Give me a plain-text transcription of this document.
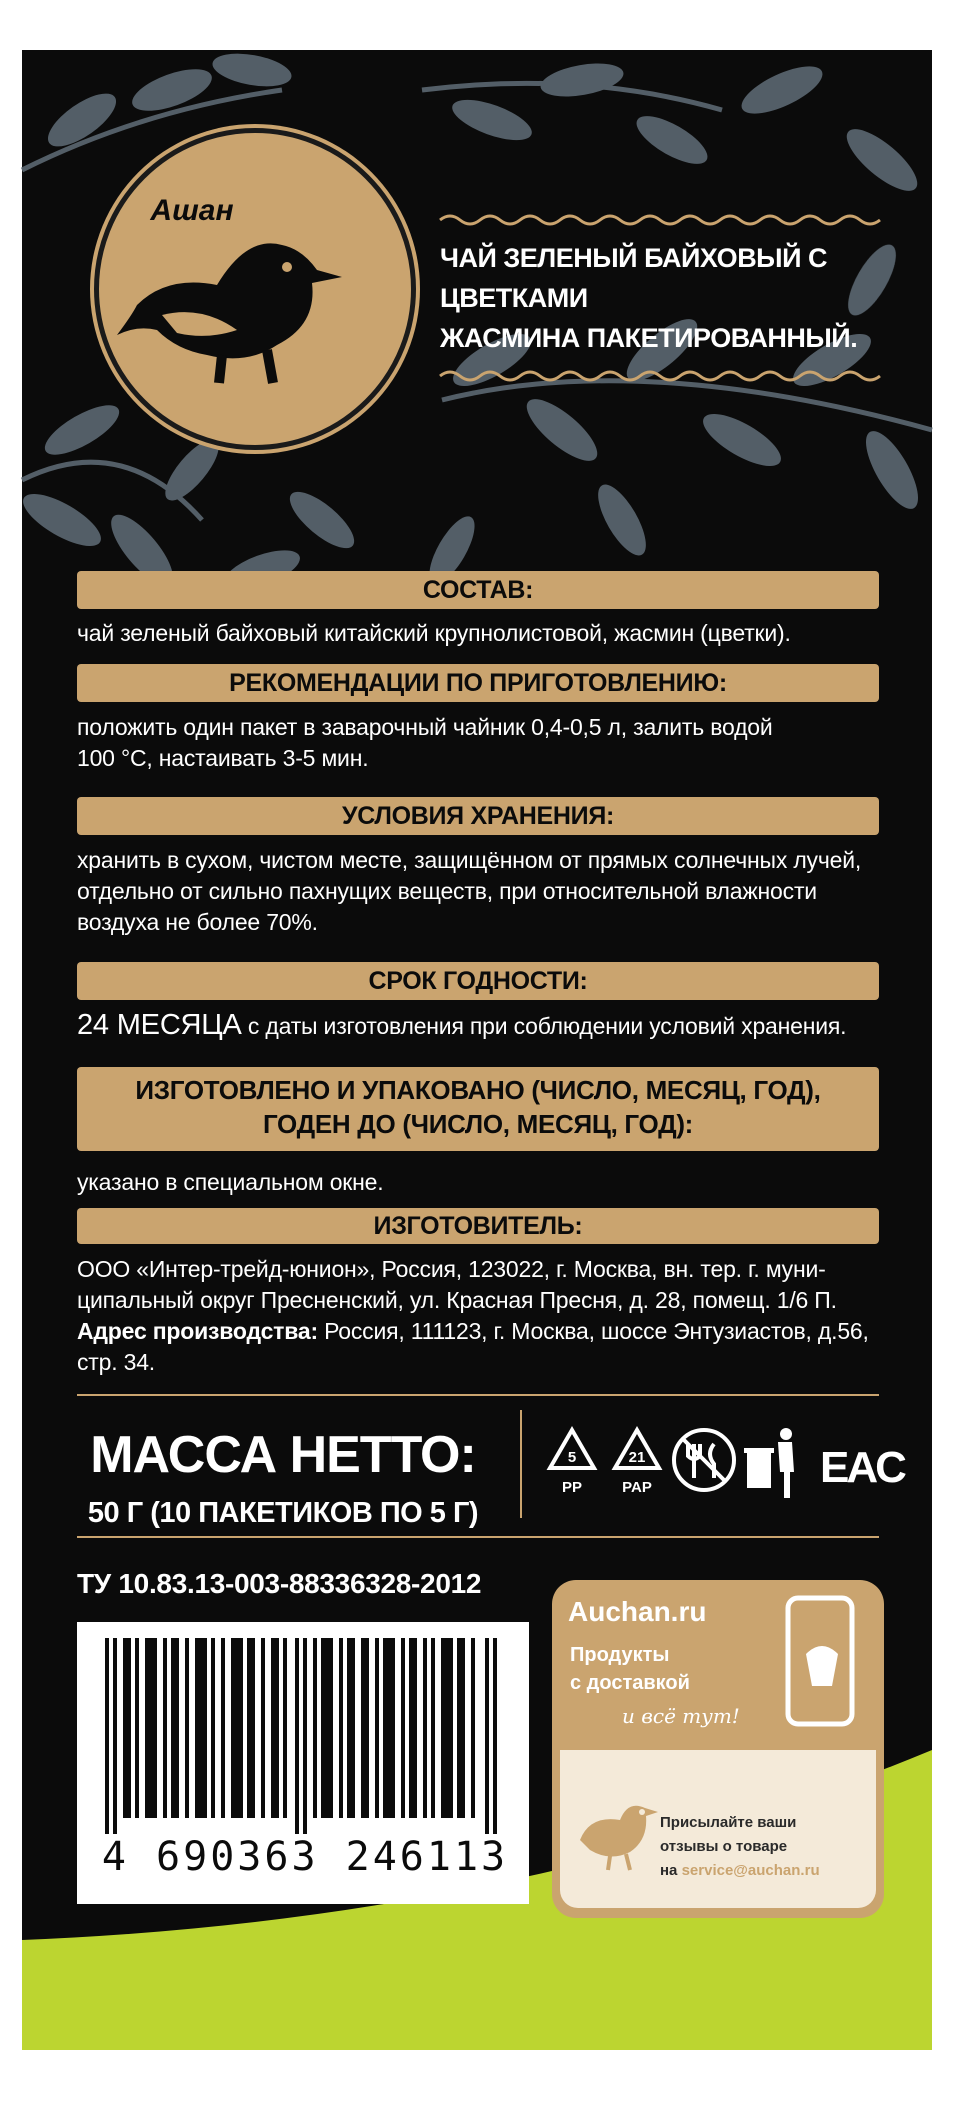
Ашан
ЧАЙ ЗЕЛЕНЫЙ БАЙХОВЫЙ С ЦВЕТКАМИ
ЖАСМИНА ПАКЕТИРОВАННЫЙ.
СОСТАВ:
чай зеленый байховый китайский крупнолистовой, жасмин (цветки).
РЕКОМЕНДАЦИИ ПО ПРИГОТОВЛЕНИЮ:
положить один пакет в заварочный чайник 0,4-0,5 л, залить водой
100 °С, настаивать 3-5 мин.
УСЛОВИЯ ХРАНЕНИЯ:
хранить в сухом, чистом месте, защищённом от прямых солнечных лучей,
отдельно от сильно пахнущих веществ, при относительной влажности
воздуха не более 70%.
СРОК ГОДНОСТИ:
24 МЕСЯЦА с даты изготовления при соблюдении условий хранения.
ИЗГОТОВЛЕНО И УПАКОВАНО (ЧИСЛО, МЕСЯЦ, ГОД),
ГОДЕН ДО (ЧИСЛО, МЕСЯЦ, ГОД):
указано в специальном окне.
ИЗГОТОВИТЕЛЬ:
ООО «Интер-трейд-юнион», Россия, 123022, г. Москва, вн. тер. г. муни-
ципальный округ Пресненский, ул. Красная Пресня, д. 28, помещ. 1/6 П.
Адрес производства: Россия, 111123, г. Москва, шоссе Энтузиастов, д.56,
стр. 34.
МАССА НЕТТО:
50 Г (10 ПАКЕТИКОВ ПО 5 Г)
5
PP
21
PAP	EAC
ТУ 10.83.13-003-88336328-2012
4 690363 246113
Auchan.ru
Продукты
с доставкой
и всё тут!
Присылайте ваши
отзывы о товаре
на service@auchan.ru
